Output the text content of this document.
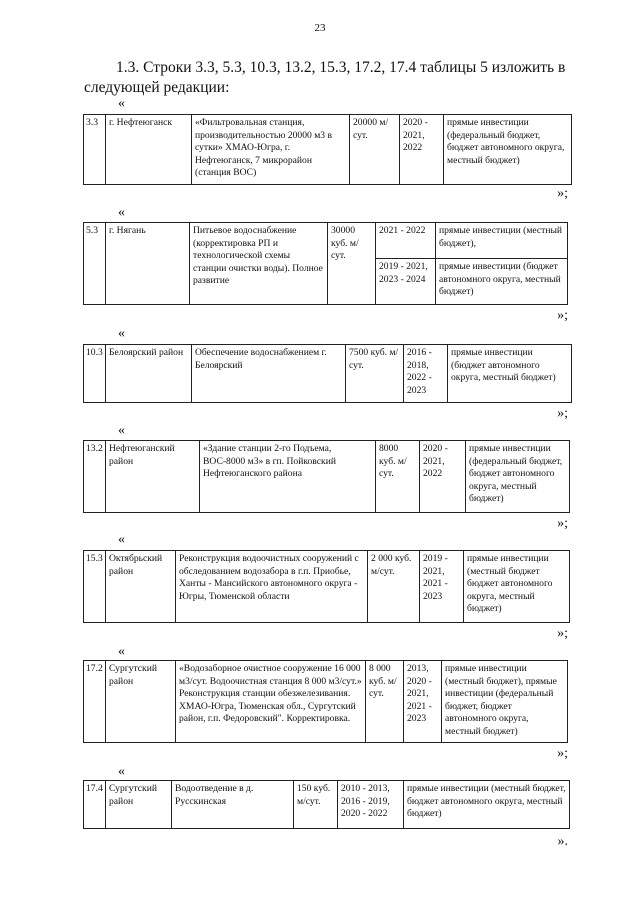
23
1.3. Строки 3.3, 5.3, 10.3, 13.2, 15.3, 17.2, 17.4 таблицы 5 изложить в следующей редакции:
«
3.3	г. Нефтеюганск	«Фильтровальная станция, производительностью 20000 м3 в сутки» ХМАО-Югра, г. Нефтеюганск, 7 микрорайон (станция ВОС)	20000 м/сут.	2020 - 2021, 2022	прямые инвестиции (федеральный бюджет, бюджет автономного округа, местный бюджет)
»;
«
5.3	г. Нягань	Питьевое водоснабжение (корректировка РП и технологической схемы станции очистки воды). Полное развитие	30000 куб. м/сут.	2021 - 2022	прямые инвестиции (местный бюджет),
				2019 - 2021, 2023 - 2024	прямые инвестиции (бюджет автономного округа, местный бюджет)
»;
«
10.3	Белоярский район	Обеспечение водоснабжением г. Белоярский	7500 куб. м/сут.	2016 - 2018, 2022 - 2023	прямые инвестиции (бюджет автономного округа, местный бюджет)
»;
«
13.2	Нефтеюганский район	«Здание станции 2-го Подъема, ВОС-8000 м3» в гп. Пойковский Нефтеюганского района	8000 куб. м/сут.	2020 - 2021, 2022	прямые инвестиции (федеральный бюджет, бюджет автономного округа, местный бюджет)
»;
«
15.3	Октябрьский район	Реконструкция водоочистных сооружений с обследованием водозабора в г.п. Приобье, Ханты - Мансийского автономного округа - Югры, Тюменской области	2 000 куб. м/сут.	2019 - 2021, 2021 - 2023	прямые инвестиции (местный бюджет бюджет автономного округа, местный бюджет)
»;
«
17.2	Сургутский район	«Водозаборное очистное сооружение 16 000 м3/сут. Водоочистная станция 8 000 м3/сут.» Реконструкция станции обезжелезивания. ХМАО-Югра, Тюменская обл., Сургутский район, г.п. Федоровский". Корректировка.	8 000 куб. м/сут.	2013, 2020 - 2021, 2021 - 2023	прямые инвестиции (местный бюджет), прямые инвестиции (федеральный бюджет, бюджет автономного округа, местный бюджет)
»;
«
17.4	Сургутский район	Водоотведение в д. Русскинская	150 куб. м/сут.	2010 - 2013, 2016 - 2019, 2020 - 2022	прямые инвестиции (местный бюджет, бюджет автономного округа, местный бюджет)
».
